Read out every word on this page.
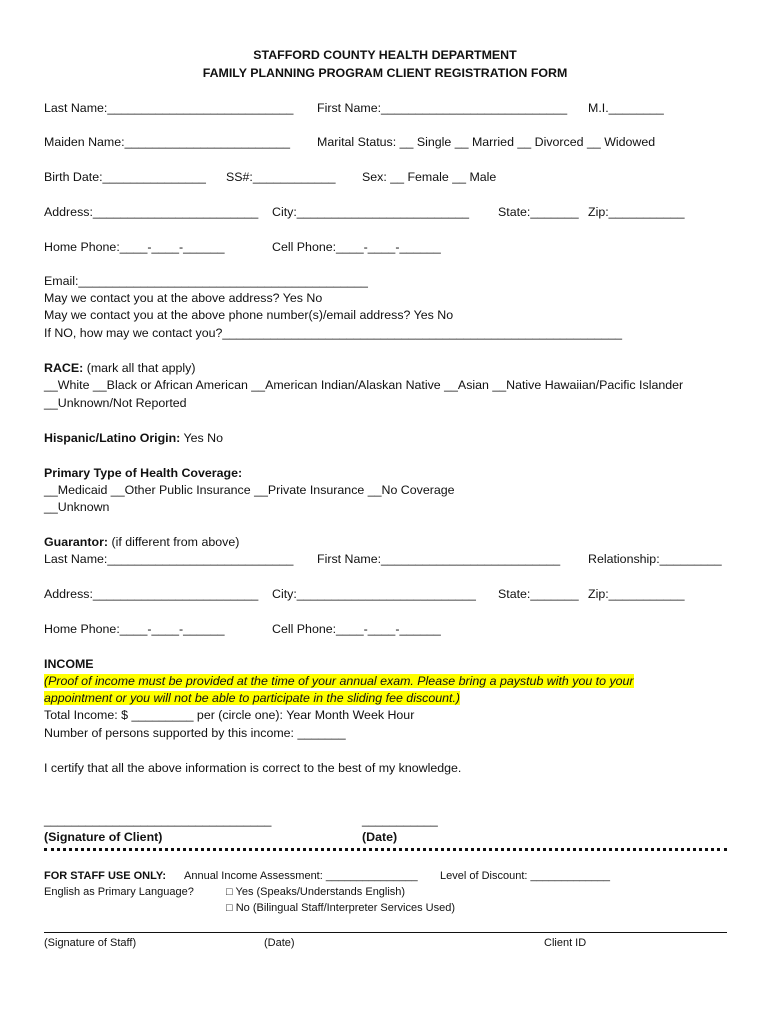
STAFFORD COUNTY HEALTH DEPARTMENT
FAMILY PLANNING PROGRAM CLIENT REGISTRATION FORM
Last Name:___________________________ First Name:___________________________ M.I.________
Maiden Name:________________________ Marital Status: __ Single __ Married __ Divorced __ Widowed
Birth Date:_______________ SS#:____________ Sex: __ Female __ Male
Address:________________________ City:_________________________ State:_______ Zip:___________
Home Phone:____-____-______	Cell Phone:____-____-______
Email:__________________________________________
May we contact you at the above address? Yes No
May we contact you at the above phone number(s)/email address? Yes No
If NO, how may we contact you?__________________________________________________________
RACE: (mark all that apply)
__White __Black or African American __American Indian/Alaskan Native __Asian __Native Hawaiian/Pacific Islander
__Unknown/Not Reported
Hispanic/Latino Origin: Yes No
Primary Type of Health Coverage:
__Medicaid __Other Public Insurance __Private Insurance __No Coverage
__Unknown
Guarantor: (if different from above)
Last Name:___________________________ First Name:__________________________ Relationship:_________
Address:________________________ City:__________________________ State:_______ Zip:___________
Home Phone:____-____-______	Cell Phone:____-____-______
INCOME
(Proof of income must be provided at the time of your annual exam. Please bring a paystub with you to your
appointment or you will not be able to participate in the sliding fee discount.)
Total Income: $ _________ per (circle one): Year Month Week Hour
Number of persons supported by this income: _______
I certify that all the above information is correct to the best of my knowledge.
_________________________________
(Signature of Client)
___________
(Date)
FOR STAFF USE ONLY: Annual Income Assessment: _______________ Level of Discount: _____________
English as Primary Language?	□ Yes (Speaks/Understands English)
□ No (Bilingual Staff/Interpreter Services Used)
(Signature of Staff)	(Date)	Client ID
